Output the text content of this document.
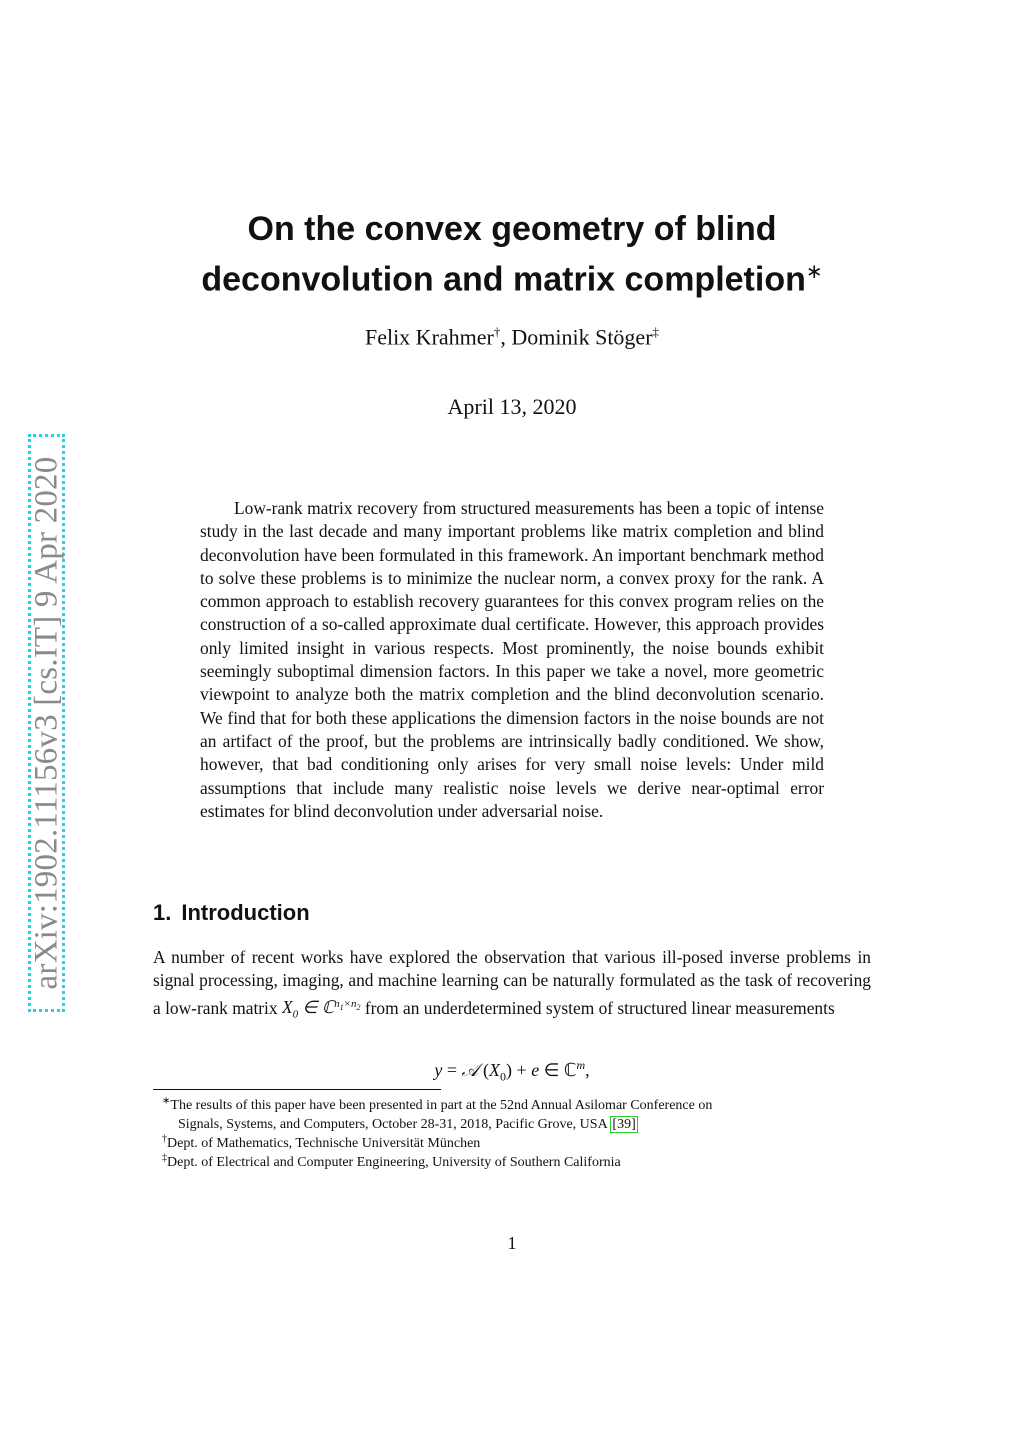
arXiv:1902.11156v3 [cs.IT] 9 Apr 2020
On the convex geometry of blind
deconvolution and matrix completion∗
Felix Krahmer†, Dominik Stöger‡
April 13, 2020
Low-rank matrix recovery from structured measurements has been a topic of intense study in the last decade and many important problems like matrix completion and blind deconvolution have been formulated in this framework. An important benchmark method to solve these problems is to minimize the nuclear norm, a convex proxy for the rank. A common approach to establish recovery guarantees for this convex program relies on the construction of a so-called approximate dual certificate. However, this approach provides only limited insight in various respects. Most prominently, the noise bounds exhibit seemingly suboptimal dimension factors. In this paper we take a novel, more geometric viewpoint to analyze both the matrix completion and the blind deconvolution scenario. We find that for both these applications the dimension factors in the noise bounds are not an artifact of the proof, but the problems are intrinsically badly conditioned. We show, however, that bad conditioning only arises for very small noise levels: Under mild assumptions that include many realistic noise levels we derive near-optimal error estimates for blind deconvolution under adversarial noise.
1. Introduction
A number of recent works have explored the observation that various ill-posed inverse problems in signal processing, imaging, and machine learning can be naturally formulated as the task of recovering a low-rank matrix $X_0$ ∈ ℂ$^{n_1\times n_2}$ from an underdetermined system of structured linear measurements
y = 𝒜 $(X_0) + e$ ∈ ℂ$^m$,
∗The results of this paper have been presented in part at the 52nd Annual Asilomar Conference on
Signals, Systems, and Computers, October 28-31, 2018, Pacific Grove, USA [39]
†Dept. of Mathematics, Technische Universität München
‡Dept. of Electrical and Computer Engineering, University of Southern California
1
